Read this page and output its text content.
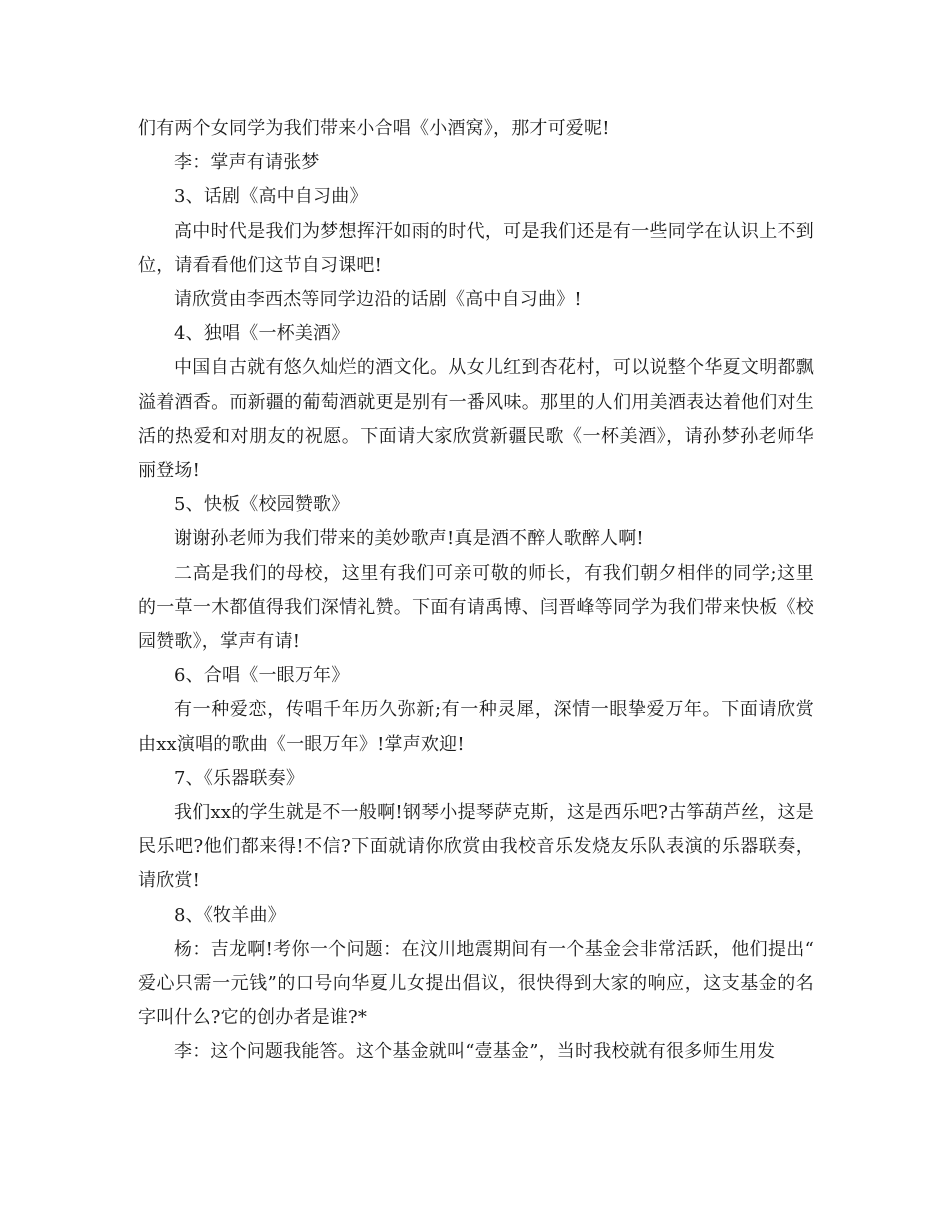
们有两个女同学为我们带来小合唱《小酒窝》，那才可爱呢!

李：掌声有请张梦

3、话剧《高中自习曲》

高中时代是我们为梦想挥汗如雨的时代，可是我们还是有一些同学在认识上不到位，请看看他们这节自习课吧!

请欣赏由李西杰等同学边沿的话剧《高中自习曲》!

4、独唱《一杯美酒》

中国自古就有悠久灿烂的酒文化。从女儿红到杏花村，可以说整个华夏文明都飘溢着酒香。而新疆的葡萄酒就更是别有一番风味。那里的人们用美酒表达着他们对生活的热爱和对朋友的祝愿。下面请大家欣赏新疆民歌《一杯美酒》，请孙梦孙老师华丽登场!

5、快板《校园赞歌》

谢谢孙老师为我们带来的美妙歌声!真是酒不醉人歌醉人啊!

二高是我们的母校，这里有我们可亲可敬的师长，有我们朝夕相伴的同学;这里的一草一木都值得我们深情礼赞。下面有请禹博、闫晋峰等同学为我们带来快板《校园赞歌》，掌声有请!

6、合唱《一眼万年》

有一种爱恋，传唱千年历久弥新;有一种灵犀，深情一眼挚爱万年。下面请欣赏由xx演唱的歌曲《一眼万年》!掌声欢迎!

7、《乐器联奏》

我们xx的学生就是不一般啊!钢琴小提琴萨克斯，这是西乐吧?古筝葫芦丝，这是民乐吧?他们都来得!不信?下面就请你欣赏由我校音乐发烧友乐队表演的乐器联奏，请欣赏!

8、《牧羊曲》

杨：吉龙啊!考你一个问题：在汶川地震期间有一个基金会非常活跃，他们提出“爱心只需一元钱”的口号向华夏儿女提出倡议，很快得到大家的响应，这支基金的名字叫什么?它的创办者是谁?*

李：这个问题我能答。这个基金就叫“壹基金”，当时我校就有很多师生用发
